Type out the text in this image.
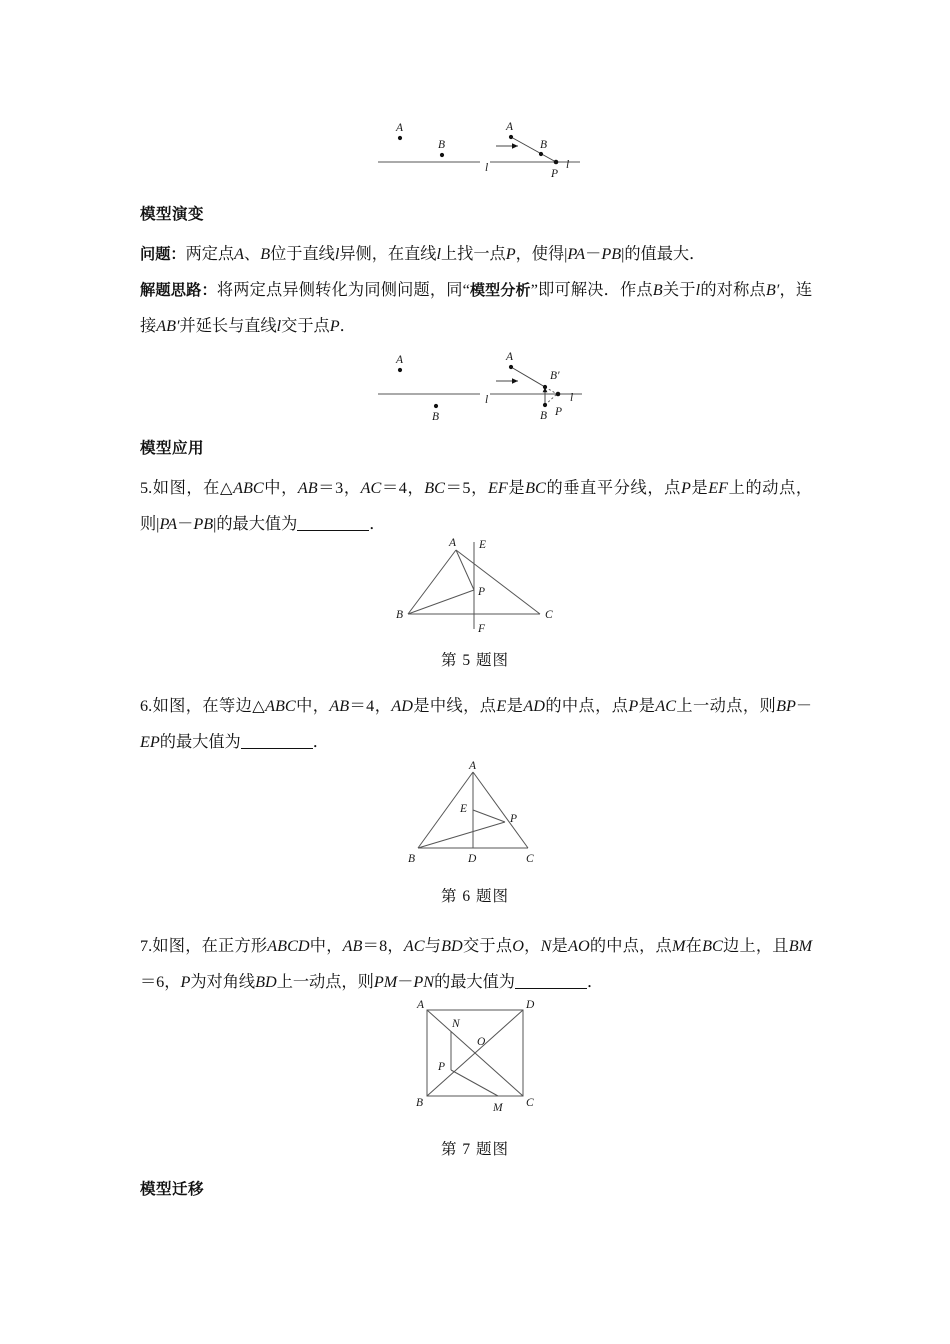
A
B
l
A
B
P
l
模型演变
问题：两定点A、B位于直线l异侧，在直线l上找一点P，使得|PA－PB|的值最大．
解题思路：将两定点异侧转化为同侧问题，同“模型分析”即可解决．作点B关于l的对称点B′，连接AB′并延长与直线l交于点P．
A
l
B
A
B′
B P
l
模型应用
5.如图，在△ABC中，AB＝3，AC＝4，BC＝5，EF是BC的垂直平分线，点P是EF上的动点，则|PA－PB|的最大值为	．
A E
P
B	C
F
第 5 题图
6.如图，在等边△ABC中，AB＝4，AD是中线，点E是AD的中点，点P是AC上一动点，则BP－EP的最大值为	．
A
E
P
B	D	C
第 6 题图
7.如图，在正方形ABCD中，AB＝8，AC与BD交于点O，N是AO的中点，点M在BC边上，且BM＝6，P为对角线BD上一动点，则PM－PN的最大值为	．
A	D
N
O
P
B	M C
第 7 题图
模型迁移
